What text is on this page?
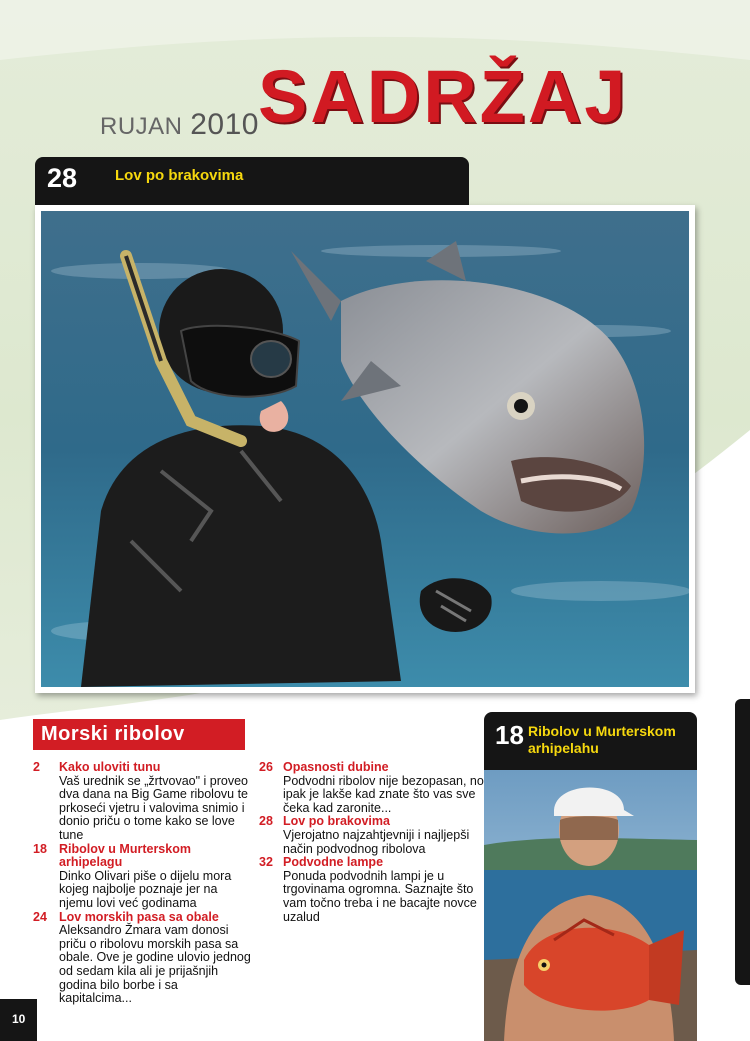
RUJAN 2010 SADRŽAJ
28	Lov po brakovima
Morski ribolov
2 Kako uloviti tunu
Vaš urednik se „žrtvovao" i proveo dva dana na Big Game ribolovu te prkoseći vjetru i valovima snimio i donio priču o tome kako se love tune
18 Ribolov u Murterskom arhipelagu
Dinko Olivari piše o dijelu mora kojeg najbolje poznaje jer na njemu lovi već godinama
24 Lov morskih pasa sa obale
Aleksandro Žmara vam donosi priču o ribolovu morskih pasa sa obale. Ove je godine ulovio jednog od sedam kila ali je prijašnjih godina bilo borbe i sa kapitalcima...
26 Opasnosti dubine
Podvodni ribolov nije bezopasan, no ipak je lakše kad znate što vas sve čeka kad zaronite...
28 Lov po brakovima
Vjerojatno najzahtjevniji i najljepši način podvodnog ribolova
32 Podvodne lampe
Ponuda podvodnih lampi je u trgovinama ogromna. Saznajte što vam točno treba i ne bacajte novce uzalud
18 Ribolov u Murterskom arhipelahu
10
